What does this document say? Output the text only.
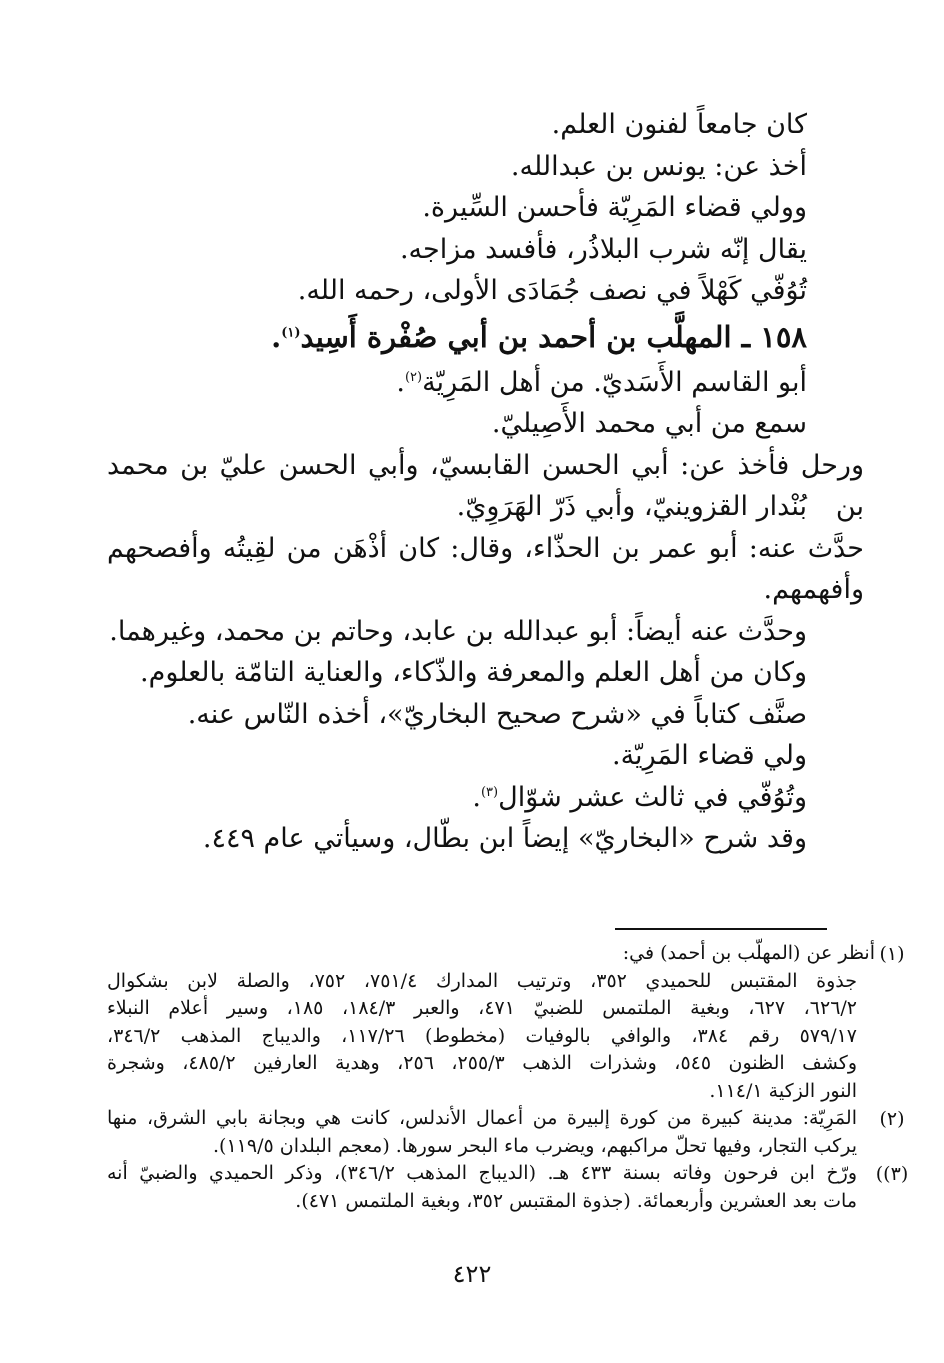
كان جامعاً لفنون العلم.
أخذ عن: يونس بن عبدالله.
وولي قضاء المَرِيّة فأحسن السِّيرة.
يقال إنّه شرب البلاذُر، فأفسد مزاجه.
تُوُفّي كَهْلاً في نصف جُمَادَى الأولى، رحمه الله.
١٥٨ ـ المهلَّب بن أحمد بن أبي صُفْرة أَسِيد$^{(١)}$.
أبو القاسم الأَسَديّ. من أهل المَرِيّة$^{(٢)}$.
سمع من أبي محمد الأَصِيليّ.
ورحل فأخذ عن: أبي الحسن القابسيّ، وأبي الحسن عليّ بن محمد بن
بُنْدار القزوينيّ، وأبي ذَرّ الهَرَوِيّ.
حدَّث عنه: أبو عمر بن الحذّاء، وقال: كان أذْهَن من لقِيتُه وأفصحهم
وأفهمهم.
وحدَّث عنه أيضاً: أبو عبدالله بن عابد، وحاتم بن محمد، وغيرهما.
وكان من أهل العلم والمعرفة والذّكاء، والعناية التامّة بالعلوم.
صنَّف كتاباً في «شرح صحيح البخاريّ»، أخذه النّاس عنه.
ولي قضاء المَرِيّة.
وتُوُفّي في ثالث عشر شوّال$^{(٣)}$.
وقد شرح «البخاريّ» إيضاً ابن بطّال، وسيأتي عام ٤٤٩.
(١)
أنظر عن (المهلّب بن أحمد) في:
جذوة المقتبس للحميدي ٣٥٢، وترتيب المدارك ٧٥١/٤، ٧٥٢، والصلة لابن بشكوال
٦٢٦/٢، ٦٢٧، وبغية الملتمس للضبيّ ٤٧١، والعبر ١٨٤/٣، ١٨٥، وسير أعلام النبلاء
٥٧٩/١٧ رقم ٣٨٤، والوافي بالوفيات (مخطوط) ١١٧/٢٦، والديباج المذهب ٣٤٦/٢،
وكشف الظنون ٥٤٥، وشذرات الذهب ٢٥٥/٣، ٢٥٦، وهدية العارفين ٤٨٥/٢، وشجرة
النور الزكية ١١٤/١.
(٢)
المَرِيّة: مدينة كبيرة من كورة إلبيرة من أعمال الأندلس، كانت هي وبجانة بابي الشرق، منها
يركب التجار، وفيها تحلّ مراكبهم، ويضرب ماء البحر سورها. (معجم البلدان ١١٩/٥).
(٣))
ورّخ ابن فرحون وفاته بسنة ٤٣٣ هـ. (الديباج المذهب ٣٤٦/٢)، وذكر الحميدي والضبيّ أنه
مات بعد العشرين وأربعمائة. (جذوة المقتبس ٣٥٢، وبغية الملتمس ٤٧١).
٤٢٢
